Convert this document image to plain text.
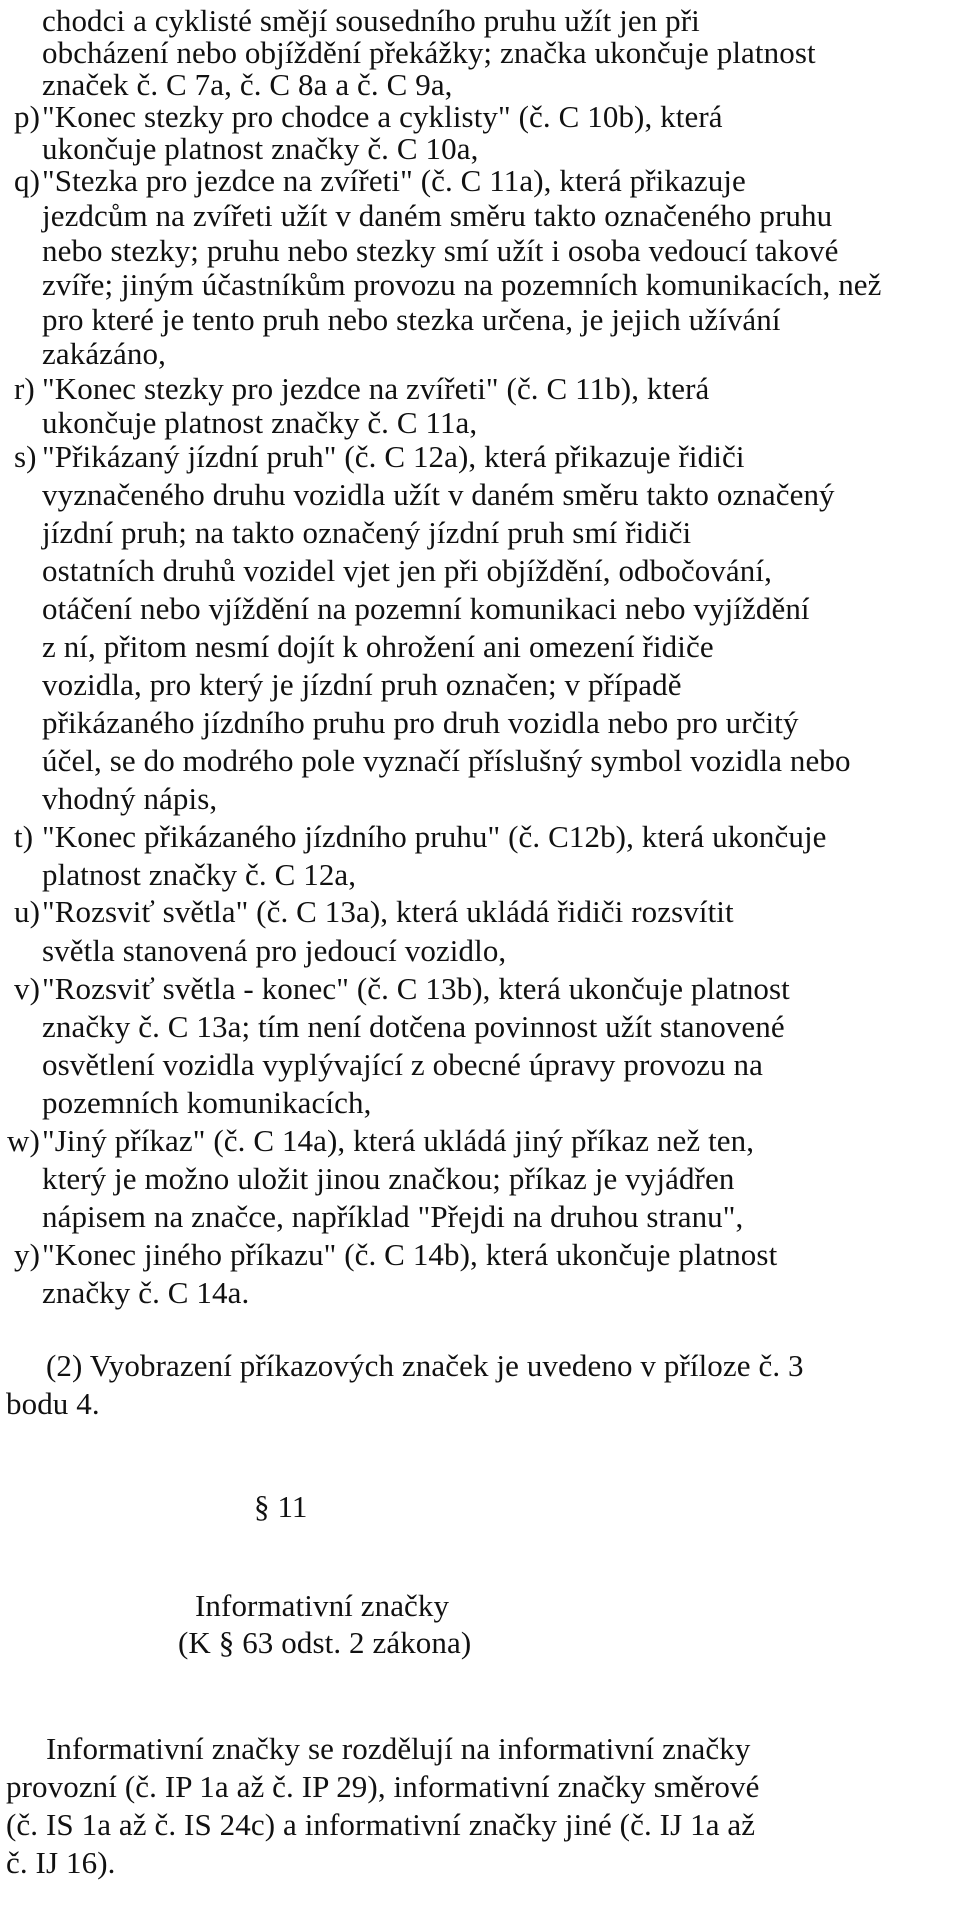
chodci a cyklisté smějí sousedního pruhu užít jen při
obcházení nebo objíždění překážky; značka ukončuje platnost
značek č. C 7a, č. C 8a a č. C 9a,
p) "Konec stezky pro chodce a cyklisty" (č. C 10b), která
ukončuje platnost značky č. C 10a,
q) "Stezka pro jezdce na zvířeti" (č. C 11a), která přikazuje
jezdcům na zvířeti užít v daném směru takto označeného pruhu
nebo stezky; pruhu nebo stezky smí užít i osoba vedoucí takové
zvíře; jiným účastníkům provozu na pozemních komunikacích, než
pro které je tento pruh nebo stezka určena, je jejich užívání
zakázáno,
r) "Konec stezky pro jezdce na zvířeti" (č. C 11b), která
ukončuje platnost značky č. C 11a,
s) "Přikázaný jízdní pruh" (č. C 12a), která přikazuje řidiči
vyznačeného druhu vozidla užít v daném směru takto označený
jízdní pruh; na takto označený jízdní pruh smí řidiči
ostatních druhů vozidel vjet jen při objíždění, odbočování,
otáčení nebo vjíždění na pozemní komunikaci nebo vyjíždění
z ní, přitom nesmí dojít k ohrožení ani omezení řidiče
vozidla, pro který je jízdní pruh označen; v případě
přikázaného jízdního pruhu pro druh vozidla nebo pro určitý
účel, se do modrého pole vyznačí příslušný symbol vozidla nebo
vhodný nápis,
t) "Konec přikázaného jízdního pruhu" (č. C12b), která ukončuje
platnost značky č. C 12a,
u) "Rozsviť světla" (č. C 13a), která ukládá řidiči rozsvítit
světla stanovená pro jedoucí vozidlo,
v) "Rozsviť světla - konec" (č. C 13b), která ukončuje platnost
značky č. C 13a; tím není dotčena povinnost užít stanovené
osvětlení vozidla vyplývající z obecné úpravy provozu na
pozemních komunikacích,
w) "Jiný příkaz" (č. C 14a), která ukládá jiný příkaz než ten,
který je možno uložit jinou značkou; příkaz je vyjádřen
nápisem na značce, například "Přejdi na druhou stranu",
y) "Konec jiného příkazu" (č. C 14b), která ukončuje platnost
značky č. C 14a.
(2) Vyobrazení příkazových značek je uvedeno v příloze č. 3
bodu 4.
§ 11
Informativní značky
(K § 63 odst. 2 zákona)
Informativní značky se rozdělují na informativní značky
provozní (č. IP 1a až č. IP 29), informativní značky směrové
(č. IS 1a až č. IS 24c) a informativní značky jiné (č. IJ 1a až
č. IJ 16).
